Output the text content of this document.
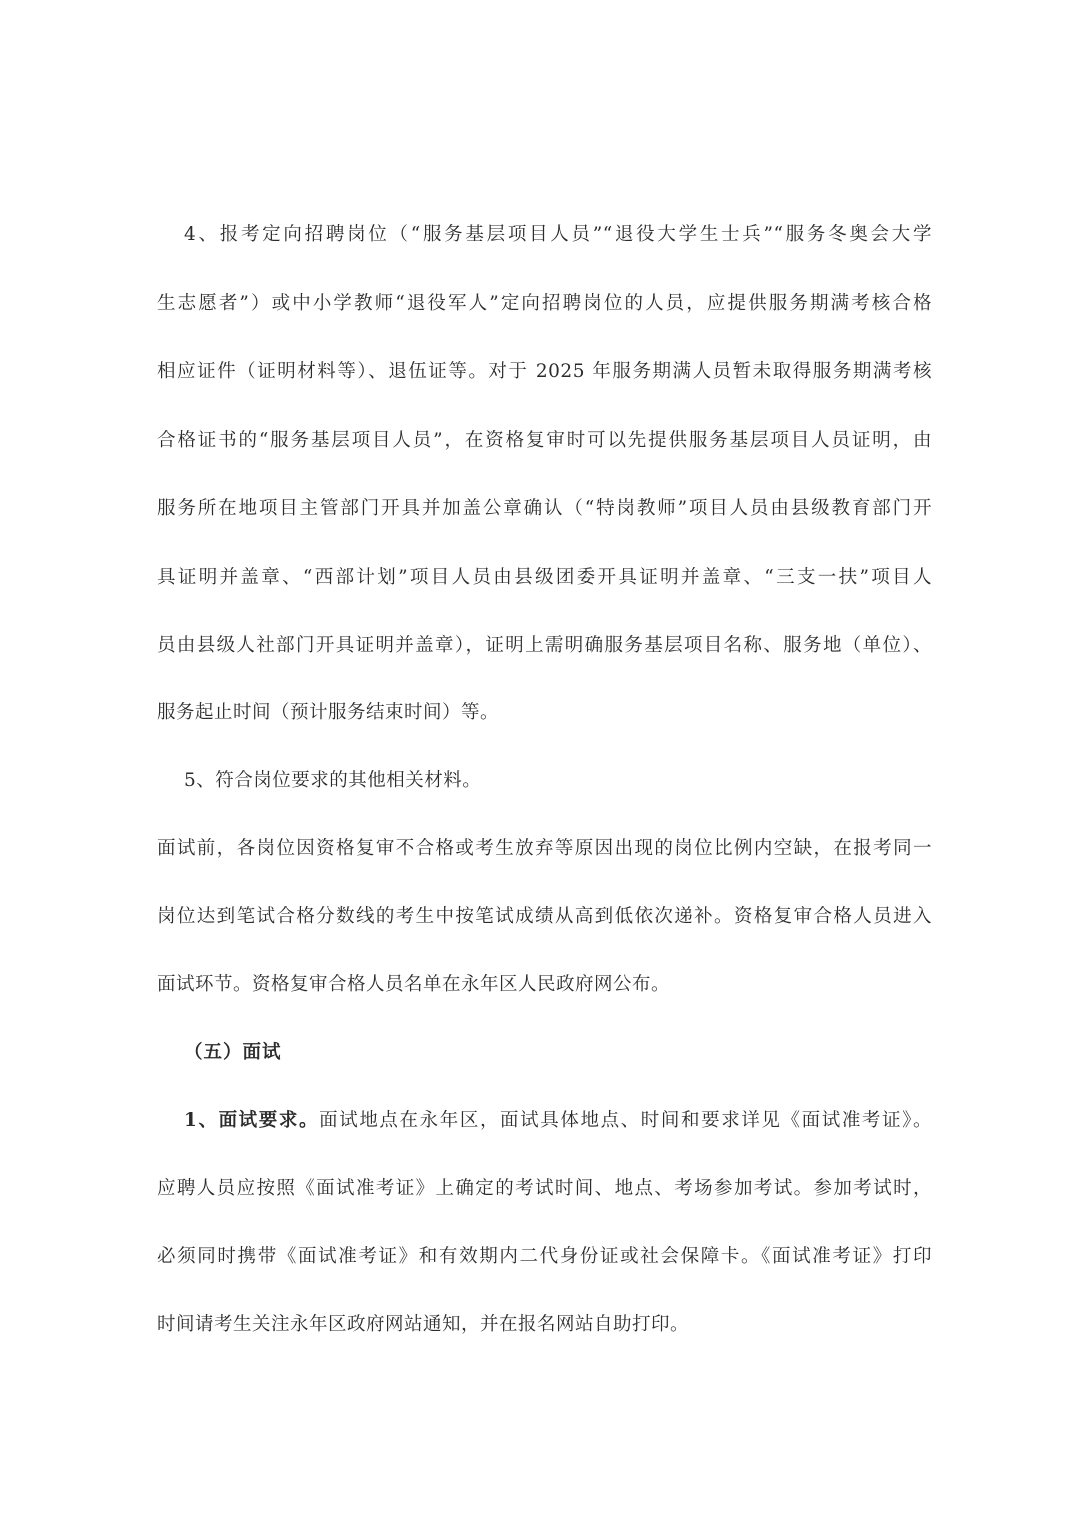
4、报考定向招聘岗位（“服务基层项目人员”“退役大学生士兵”“服务冬奥会大学
生志愿者”）或中小学教师“退役军人”定向招聘岗位的人员，应提供服务期满考核合格
相应证件（证明材料等）、退伍证等。对于 2025 年服务期满人员暂未取得服务期满考核
合格证书的“服务基层项目人员”，在资格复审时可以先提供服务基层项目人员证明，由
服务所在地项目主管部门开具并加盖公章确认（“特岗教师”项目人员由县级教育部门开
具证明并盖章、“西部计划”项目人员由县级团委开具证明并盖章、“三支一扶”项目人
员由县级人社部门开具证明并盖章），证明上需明确服务基层项目名称、服务地（单位）、
服务起止时间（预计服务结束时间）等。
5、符合岗位要求的其他相关材料。
面试前，各岗位因资格复审不合格或考生放弃等原因出现的岗位比例内空缺，在报考同一
岗位达到笔试合格分数线的考生中按笔试成绩从高到低依次递补。资格复审合格人员进入
面试环节。资格复审合格人员名单在永年区人民政府网公布。
（五）面试
1、面试要求。面试地点在永年区，面试具体地点、时间和要求详见《面试准考证》。
应聘人员应按照《面试准考证》上确定的考试时间、地点、考场参加考试。参加考试时，
必须同时携带《面试准考证》和有效期内二代身份证或社会保障卡。《面试准考证》打印
时间请考生关注永年区政府网站通知，并在报名网站自助打印。
